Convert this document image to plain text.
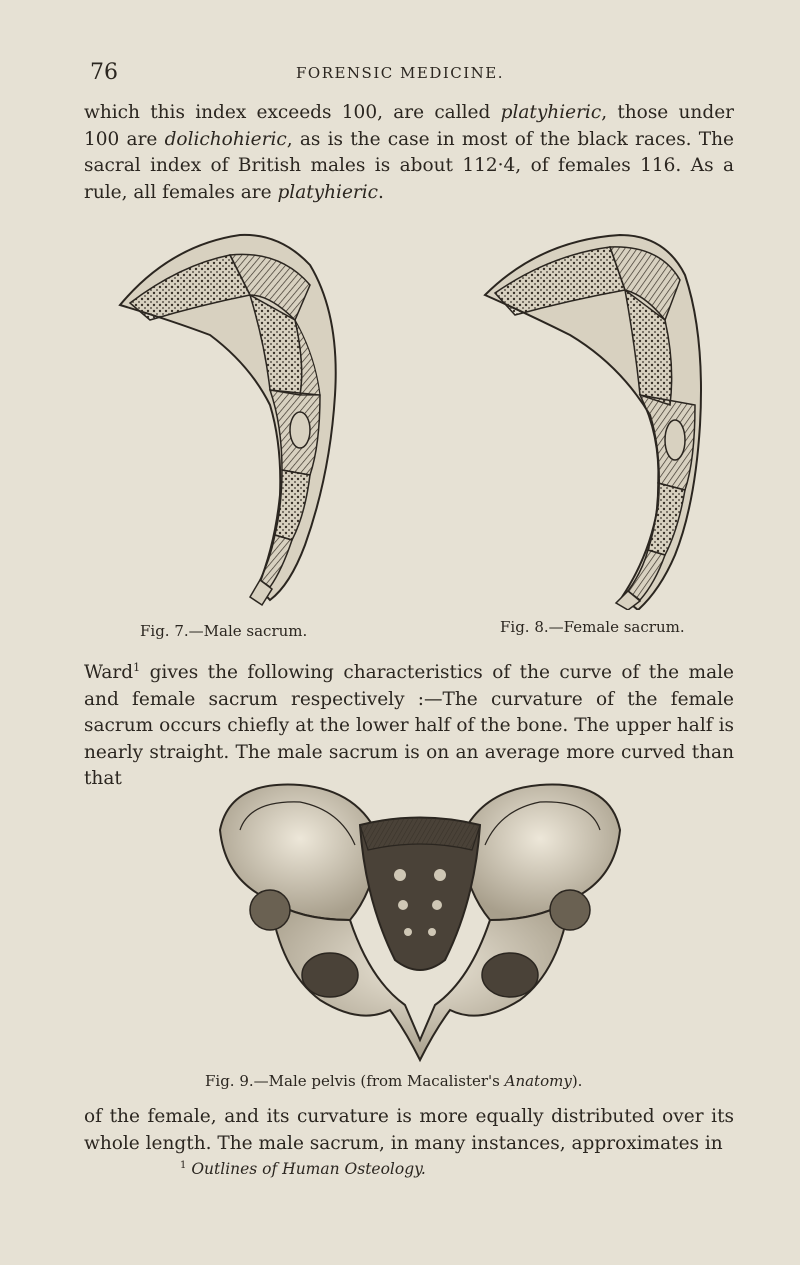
76	FORENSIC MEDICINE.

which this index exceeds 100, are called platyhieric, those under 100 are dolichohieric, as is the case in most of the black races. The sacral index of British males is about 112·4, of females 116. As a rule, all females are platyhieric.

Fig. 7.—Male sacrum.	Fig. 8.—Female sacrum.

Ward$^1$ gives the following characteristics of the curve of the male and female sacrum respectively :—The curvature of the female sacrum occurs chiefly at the lower half of the bone. The upper half is nearly straight. The male sacrum is on an average more curved than that

Fig. 9.—Male pelvis (from Macalister's Anatomy).

of the female, and its curvature is more equally distributed over its whole length. The male sacrum, in many instances, approximates in

$^1$ Outlines of Human Osteology.
